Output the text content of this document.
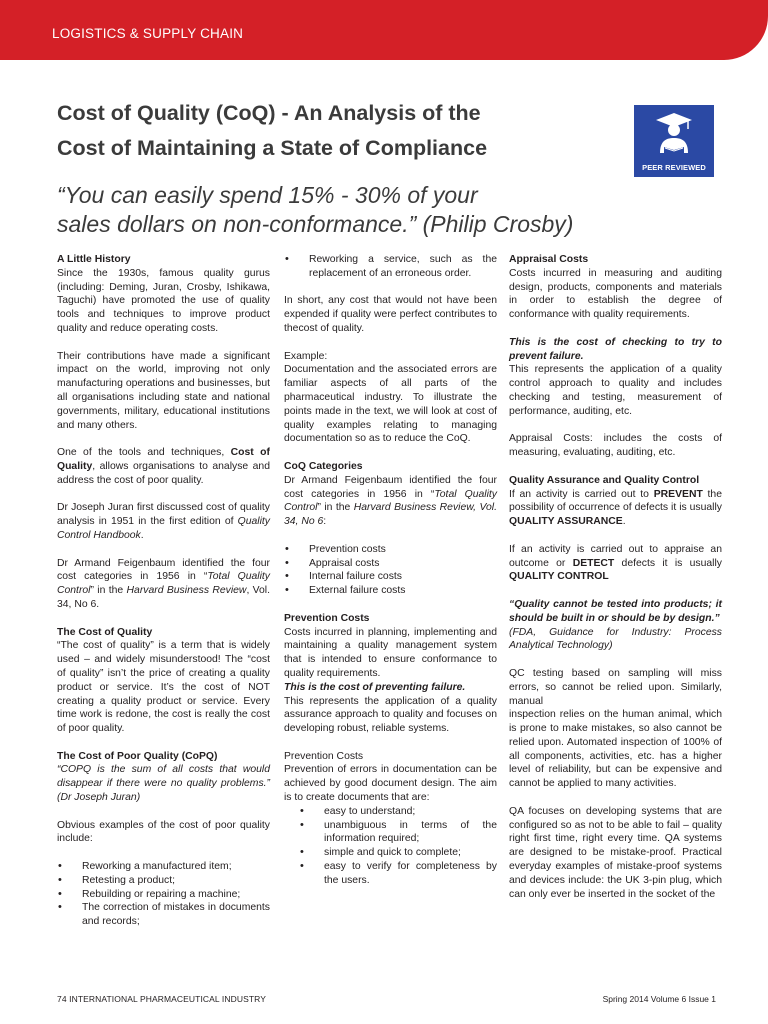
LOGISTICS & SUPPLY CHAIN
Cost of Quality (CoQ) - An Analysis of the
Cost of Maintaining a State of Compliance
PEER REVIEWED
“You can easily spend 15% - 30% of your
sales dollars on non-conformance.” (Philip Crosby)

A Little History

Since the 1930s, famous quality gurus (including: Deming, Juran, Crosby, Ishikawa, Taguchi) have promoted the use of quality tools and techniques to improve product quality and reduce operating costs.

Their contributions have made a significant impact on the world, improving not only manufacturing operations and businesses, but all organisations including state and national governments, military, educational institutions and many others.

One of the tools and techniques, Cost of Quality, allows organisations to analyse and address the cost of poor quality.

Dr Joseph Juran first discussed cost of quality analysis in 1951 in the first edition of Quality Control Handbook.

Dr Armand Feigenbaum identified the four cost categories in 1956 in “Total Quality Control” in the Harvard Business Review, Vol. 34, No 6.

The Cost of Quality

“The cost of quality” is a term that is widely used – and widely misunderstood! The “cost of quality” isn’t the price of creating a quality product or service. It’s the cost of NOT creating a quality product or service. Every time work is redone, the cost is really the cost of poor quality.

The Cost of Poor Quality (CoPQ)

“COPQ is the sum of all costs that would disappear if there were no quality problems.” (Dr Joseph Juran)

Obvious examples of the cost of poor quality include:

• Reworking a manufactured item;
• Retesting a product;
• Rebuilding or repairing a machine;
• The correction of mistakes in documents and records;
• Reworking a service, such as the replacement of an erroneous order.

In short, any cost that would not have been expended if quality were perfect contributes to thecost of quality.

Example:

Documentation and the associated errors are familiar aspects of all parts of the pharmaceutical industry. To illustrate the points made in the text, we will look at cost of quality examples relating to managing documentation so as to reduce the CoQ.

CoQ Categories

Dr Armand Feigenbaum identified the four cost categories in 1956 in “Total Quality Control” in the Harvard Business Review, Vol. 34, No 6:

• Prevention costs
• Appraisal costs
• Internal failure costs
• External failure costs

Prevention Costs

Costs incurred in planning, implementing and maintaining a quality management system that is intended to ensure conformance to quality requirements.

This is the cost of preventing failure.

This represents the application of a quality assurance approach to quality and focuses on developing robust, reliable systems.

Prevention Costs

Prevention of errors in documentation can be achieved by good document design. The aim is to create documents that are:

• easy to understand;
• unambiguous in terms of the information required;
• simple and quick to complete;
• easy to verify for completeness by the users.

Appraisal Costs

Costs incurred in measuring and auditing design, products, components and materials in order to establish the degree of conformance with quality requirements.

This is the cost of checking to try to prevent failure.

This represents the application of a quality control approach to quality and includes checking and testing, measurement of performance, auditing, etc.

Appraisal Costs: includes the costs of measuring, evaluating, auditing, etc.

Quality Assurance and Quality Control

If an activity is carried out to PREVENT the possibility of occurrence of defects it is usually QUALITY ASSURANCE.

If an activity is carried out to appraise an outcome or DETECT defects it is usually QUALITY CONTROL

“Quality cannot be tested into products; it should be built in or should be by design.”

(FDA, Guidance for Industry: Process Analytical Technology)

QC testing based on sampling will miss errors, so cannot be relied upon. Similarly, manual

inspection relies on the human animal, which is prone to make mistakes, so also cannot be relied upon. Automated inspection of 100% of all components, activities, etc. has a higher level of reliability, but can be expensive and cannot be applied to many activities.

QA focuses on developing systems that are configured so as not to be able to fail – quality right first time, right every time. QA systems are designed to be mistake-proof. Practical everyday examples of mistake-proof systems and devices include: the UK 3-pin plug, which can only ever be inserted in the socket of the

74 INTERNATIONAL PHARMACEUTICAL INDUSTRY	Spring 2014 Volume 6 Issue 1
